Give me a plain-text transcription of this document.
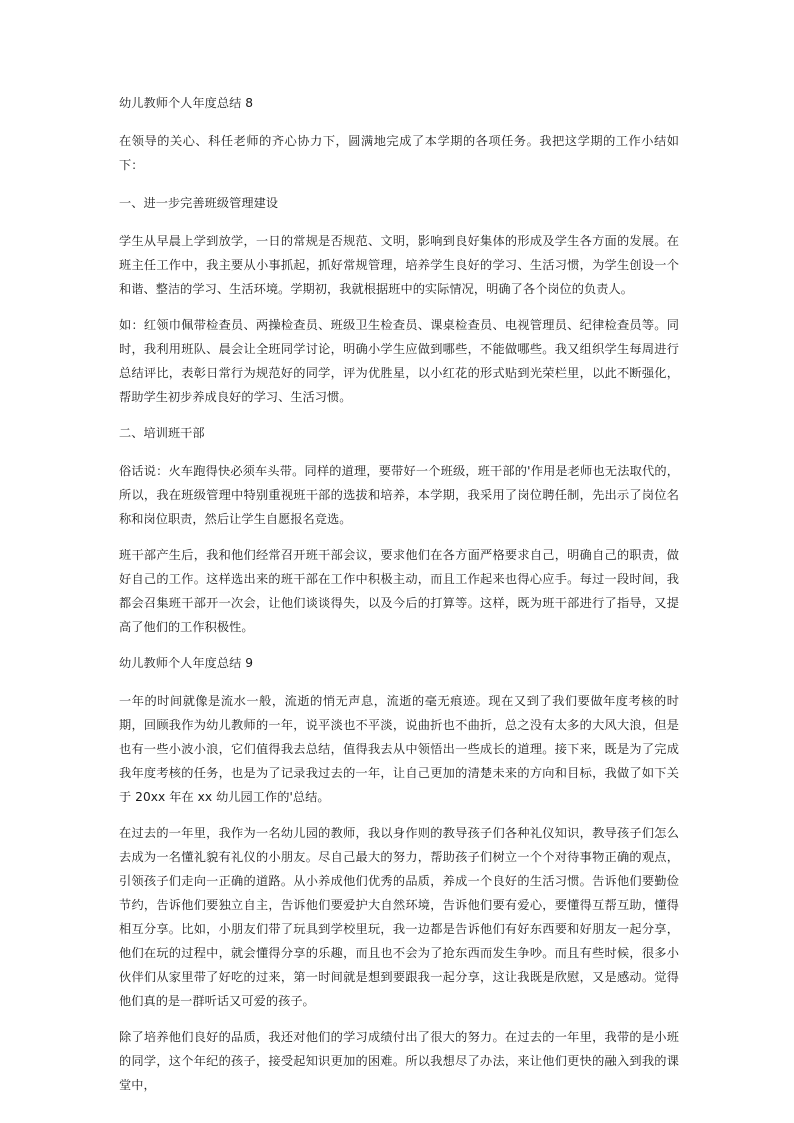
幼儿教师个人年度总结 8

在领导的关心、科任老师的齐心协力下，圆满地完成了本学期的各项任务。我把这学期的工作小结如下：

一、进一步完善班级管理建设

学生从早晨上学到放学，一日的常规是否规范、文明，影响到良好集体的形成及学生各方面的发展。在班主任工作中，我主要从小事抓起，抓好常规管理，培养学生良好的学习、生活习惯，为学生创设一个和谐、整洁的学习、生活环境。学期初，我就根据班中的实际情况，明确了各个岗位的负责人。

如：红领巾佩带检查员、两操检查员、班级卫生检查员、课桌检查员、电视管理员、纪律检查员等。同时，我利用班队、晨会让全班同学讨论，明确小学生应做到哪些，不能做哪些。我又组织学生每周进行总结评比，表彰日常行为规范好的同学，评为优胜星，以小红花的形式贴到光荣栏里，以此不断强化，帮助学生初步养成良好的学习、生活习惯。

二、培训班干部

俗话说：火车跑得快必须车头带。同样的道理，要带好一个班级，班干部的'作用是老师也无法取代的，所以，我在班级管理中特别重视班干部的选拔和培养，本学期，我采用了岗位聘任制，先出示了岗位名称和岗位职责，然后让学生自愿报名竞选。

班干部产生后，我和他们经常召开班干部会议，要求他们在各方面严格要求自己，明确自己的职责，做好自己的工作。这样选出来的班干部在工作中积极主动，而且工作起来也得心应手。每过一段时间，我都会召集班干部开一次会，让他们谈谈得失，以及今后的打算等。这样，既为班干部进行了指导，又提高了他们的工作积极性。

幼儿教师个人年度总结 9

一年的时间就像是流水一般，流逝的悄无声息，流逝的毫无痕迹。现在又到了我们要做年度考核的时期，回顾我作为幼儿教师的一年，说平淡也不平淡，说曲折也不曲折，总之没有太多的大风大浪，但是也有一些小波小浪，它们值得我去总结，值得我去从中领悟出一些成长的道理。接下来，既是为了完成我年度考核的任务，也是为了记录我过去的一年，让自己更加的清楚未来的方向和目标，我做了如下关于 20xx 年在 xx 幼儿园工作的'总结。

在过去的一年里，我作为一名幼儿园的教师，我以身作则的教导孩子们各种礼仪知识，教导孩子们怎么去成为一名懂礼貌有礼仪的小朋友。尽自己最大的努力，帮助孩子们树立一个个对待事物正确的观点，引领孩子们走向一正确的道路。从小养成他们优秀的品质，养成一个良好的生活习惯。告诉他们要勤俭节约，告诉他们要独立自主，告诉他们要爱护大自然环境，告诉他们要有爱心，要懂得互帮互助，懂得相互分享。比如，小朋友们带了玩具到学校里玩，我一边都是告诉他们有好东西要和好朋友一起分享，他们在玩的过程中，就会懂得分享的乐趣，而且也不会为了抢东西而发生争吵。而且有些时候，很多小伙伴们从家里带了好吃的过来，第一时间就是想到要跟我一起分享，这让我既是欣慰，又是感动。觉得他们真的是一群听话又可爱的孩子。

除了培养他们良好的品质，我还对他们的学习成绩付出了很大的努力。在过去的一年里，我带的是小班的同学，这个年纪的孩子，接受起知识更加的困难。所以我想尽了办法，来让他们更快的融入到我的课堂中，
